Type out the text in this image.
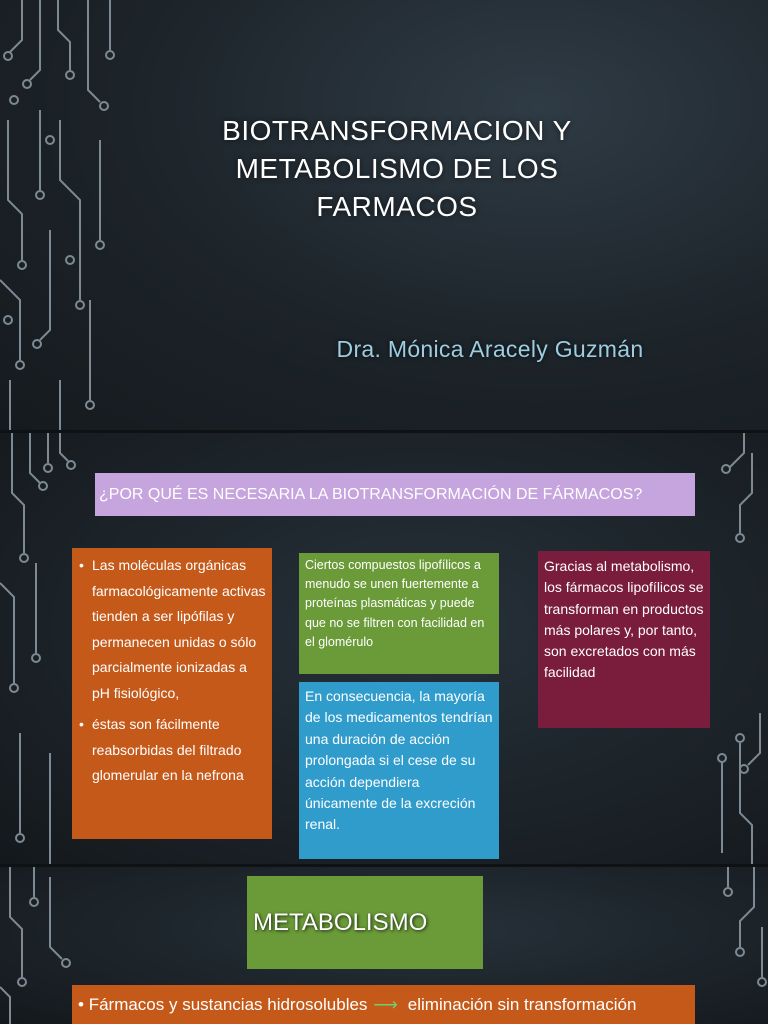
BIOTRANSFORMACION Y METABOLISMO DE LOS FARMACOS
Dra. Mónica Aracely Guzmán
¿POR QUÉ ES NECESARIA LA BIOTRANSFORMACIÓN DE FÁRMACOS?
• Las moléculas orgánicas farmacológicamente activas tienden a ser lipófilas y permanecen unidas o sólo parcialmente ionizadas a pH fisiológico,
• éstas son fácilmente reabsorbidas del filtrado glomerular en la nefrona
Ciertos compuestos lipofílicos a menudo se unen fuertemente a proteínas plasmáticas y puede que no se filtren con facilidad en el glomérulo
En consecuencia, la mayoría de los medicamentos tendrían una duración de acción prolongada si el cese de su acción dependiera únicamente de la excreción renal.
Gracias al metabolismo, los fármacos lipofílicos se transforman en productos más polares y, por tanto, son excretados con más facilidad
METABOLISMO
• Fármacos y sustancias hidrosolubles ⟶ eliminación sin transformación
